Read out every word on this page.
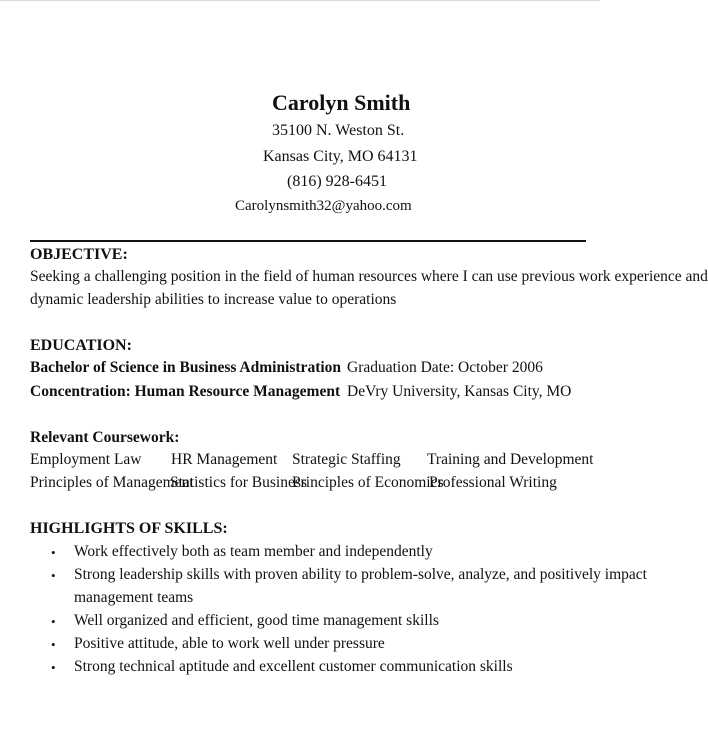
Carolyn Smith
35100 N. Weston St.
Kansas City, MO 64131
(816) 928-6451
Carolynsmith32@yahoo.com
OBJECTIVE:
Seeking a challenging position in the field of human resources where I can use previous work experience and
dynamic leadership abilities to increase value to operations
EDUCATION:
Bachelor of Science in Business Administration
Concentration: Human Resource Management
Graduation Date: October 2006
DeVry University, Kansas City, MO
Relevant Coursework:
Employment Law HR Management Strategic Staffing Training and Development
Principles of Management
Statistics for Business
Principles of Economics
Professional Writing
HIGHLIGHTS OF SKILLS:
• Work effectively both as team member and independently
• Strong leadership skills with proven ability to problem-solve, analyze, and positively impact
management teams
• Well organized and efficient, good time management skills
• Positive attitude, able to work well under pressure
• Strong technical aptitude and excellent customer communication skills
